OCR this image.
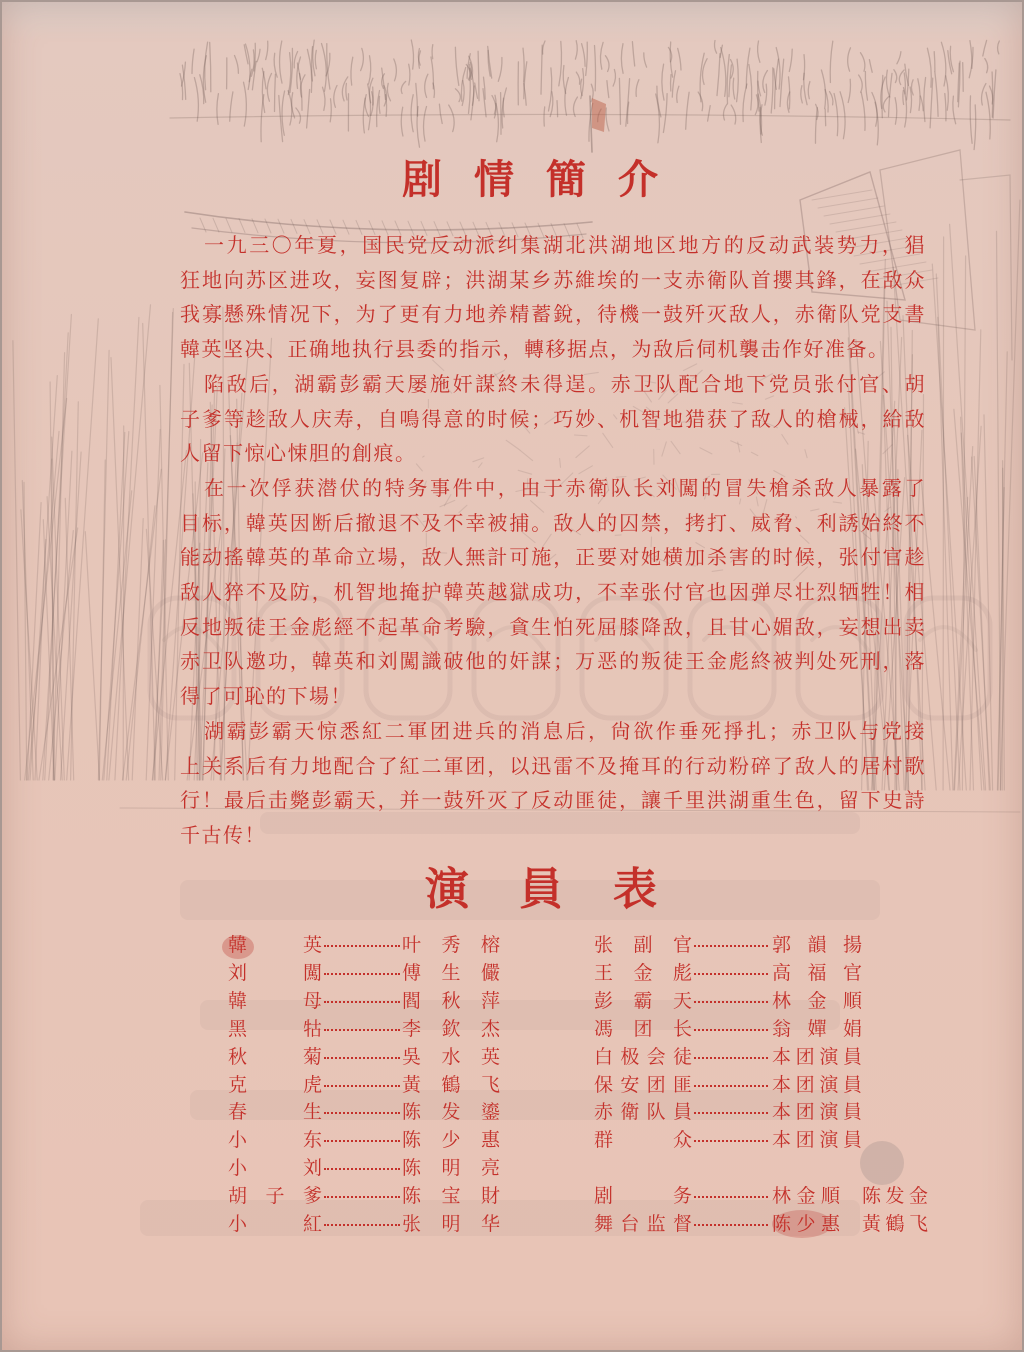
剧情簡介
一九三〇年夏，国民党反动派纠集湖北洪湖地区地方的反动武装势力，猖
狂地向苏区进攻，妄图复辟；洪湖某乡苏維埃的一支赤衛队首攖其鋒，在敌众
我寡懸殊情况下，为了更有力地养精蓄銳，待機一鼓歼灭敌人，赤衛队党支書
韓英坚决、正确地执行县委的指示，轉移据点，为敌后伺机襲击作好准备。
陷敌后，湖霸彭霸天屡施奸謀終未得逞。赤卫队配合地下党员张付官、胡
子爹等趁敌人庆寿，自鳴得意的时候；巧妙、机智地猎获了敌人的槍械，給敌
人留下惊心悚胆的創痕。
在一次俘获潜伏的特务事件中，由于赤衛队长刘闖的冒失槍杀敌人暴露了
目标，韓英因断后撤退不及不幸被捕。敌人的囚禁，拷打、威脅、利誘始終不
能动搖韓英的革命立場，敌人無計可施，正要对她横加杀害的时候，张付官趁
敌人猝不及防，机智地掩护韓英越獄成功，不幸张付官也因弹尽壮烈牺牲！相
反地叛徒王金彪經不起革命考驗，貪生怕死屈膝降敌，且甘心媚敌，妄想出卖
赤卫队邀功，韓英和刘闖識破他的奸謀；万恶的叛徒王金彪終被判处死刑，落
得了可恥的下場！
湖霸彭霸天惊悉紅二軍团进兵的消息后，尙欲作垂死掙扎；赤卫队与党接
上关系后有力地配合了紅二軍团，以迅雷不及掩耳的行动粉碎了敌人的居村歌
行！最后击斃彭霸天，并一鼓歼灭了反动匪徒，讓千里洪湖重生色，留下史詩
千古传！
演員表
韓英	叶秀榕	张副官	郭韻揚
刘闖	傅生儼	王金彪	高福官
韓母	閻秋萍	彭霸天	林金順
黑牯	李欽杰	馮团长	翁嬋娟
秋菊	吳水英	白极会徒	本团演員
克虎	黃鶴飞	保安团匪	本团演員
春生	陈发鎏	赤衛队員	本团演員
小东	陈少惠	群众	本团演員
小刘	陈明亮
胡子爹	陈宝財	剧务	林金順 陈发金
小紅	张明华	舞台监督	陈少惠 黃鶴飞
